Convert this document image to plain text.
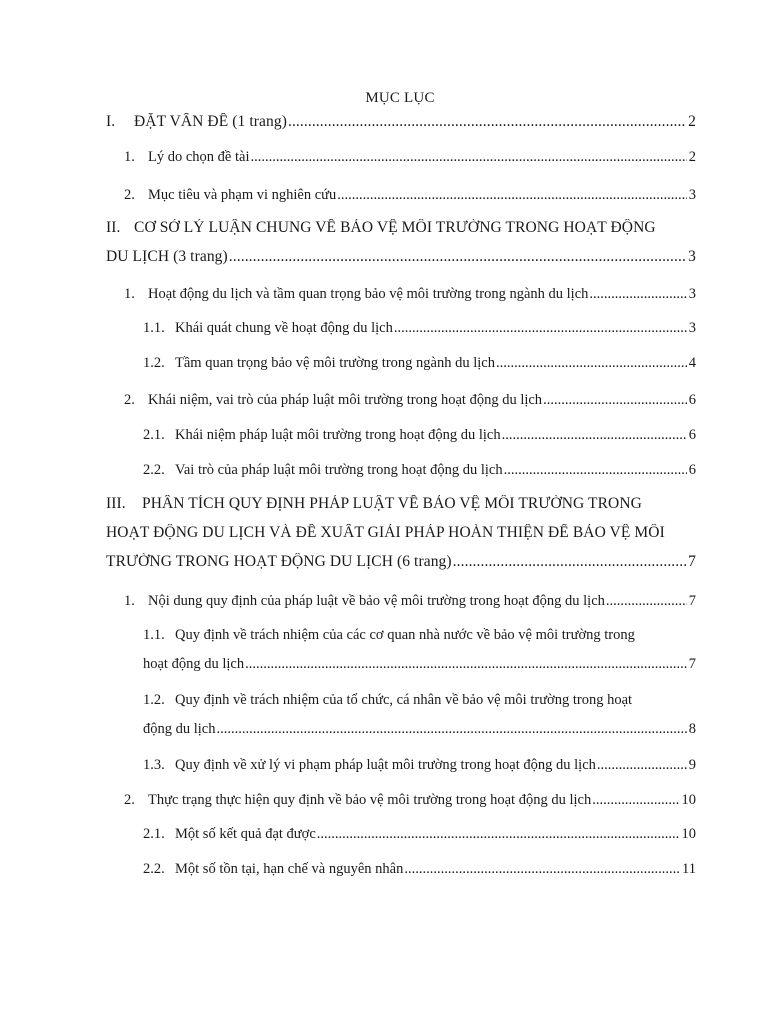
MỤC LỤC
I.	ĐẶT VẤN ĐỀ (1 trang) .....	2
1. Lý do chọn đề tài .....	2
2. Mục tiêu và phạm vi nghiên cứu .....	3
II. CƠ SỞ LÝ LUẬN CHUNG VỀ BẢO VỆ MÔI TRƯỜNG TRONG HOẠT ĐỘNG
DU LỊCH (3 trang) .....	3
1. Hoạt động du lịch và tầm quan trọng bảo vệ môi trường trong ngành du lịch .....	3
1.1. Khái quát chung về hoạt động du lịch .....	3
1.2. Tầm quan trọng bảo vệ môi trường trong ngành du lịch .....	4
2. Khái niệm, vai trò của pháp luật môi trường trong hoạt động du lịch .....	6
2.1. Khái niệm pháp luật môi trường trong hoạt động du lịch .....	6
2.2. Vai trò của pháp luật môi trường trong hoạt động du lịch .....	6
III.	PHÂN TÍCH QUY ĐỊNH PHÁP LUẬT VỀ BẢO VỆ MÔI TRƯỜNG TRONG
HOẠT ĐỘNG DU LỊCH VÀ ĐỀ XUẤT GIẢI PHÁP HOÀN THIỆN ĐỂ BẢO VỆ MÔI
TRƯỜNG TRONG HOẠT ĐỘNG DU LỊCH (6 trang) .....	7
1. Nội dung quy định của pháp luật về bảo vệ môi trường trong hoạt động du lịch .....	7
1.1. Quy định về trách nhiệm của các cơ quan nhà nước về bảo vệ môi trường trong
hoạt động du lịch .....	7
1.2. Quy định về trách nhiệm của tổ chức, cá nhân về bảo vệ môi trường trong hoạt
động du lịch .....	8
1.3. Quy định về xử lý vi phạm pháp luật môi trường trong hoạt động du lịch .....	9
2. Thực trạng thực hiện quy định về bảo vệ môi trường trong hoạt động du lịch .....	10
2.1. Một số kết quả đạt được .....	10
2.2. Một số tồn tại, hạn chế và nguyên nhân .....	11
